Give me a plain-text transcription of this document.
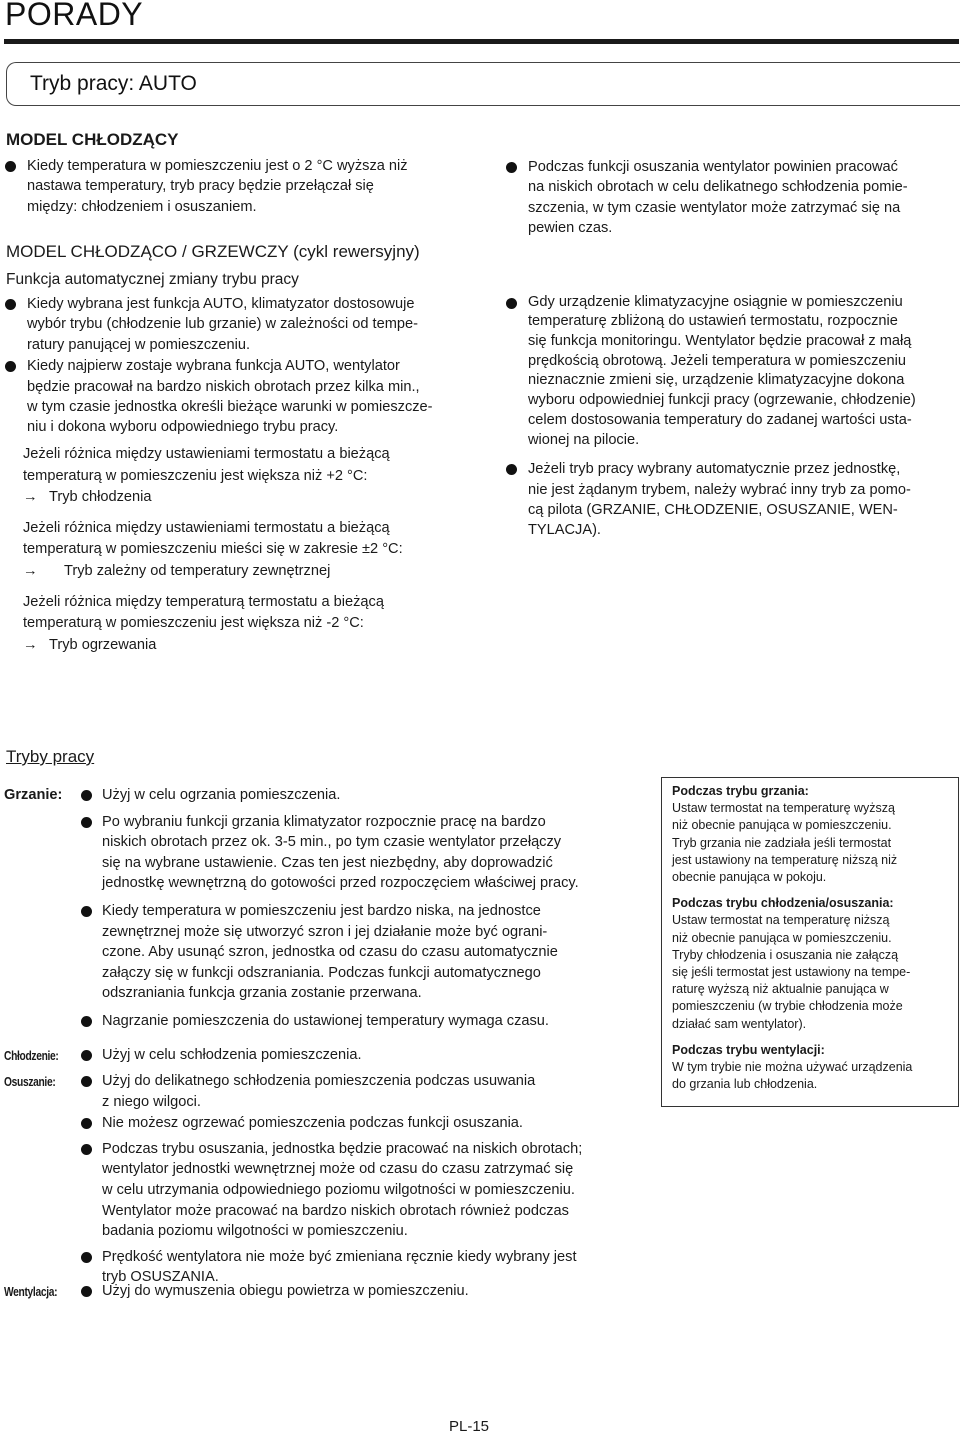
PORADY
Tryb pracy: AUTO
MODEL CHŁODZĄCY
Kiedy temperatura w pomieszczeniu jest o 2 °C wyższa niż
nastawa temperatury, tryb pracy będzie przełączał się
między: chłodzeniem i osuszaniem.
MODEL CHŁODZĄCO / GRZEWCZY (cykl rewersyjny)
Funkcja automatycznej zmiany trybu pracy
Kiedy wybrana jest funkcja AUTO, klimatyzator dostosowuje
wybór trybu (chłodzenie lub grzanie) w zależności od tempe-
ratury panującej w pomieszczeniu.
Kiedy najpierw zostaje wybrana funkcja AUTO, wentylator
będzie pracował na bardzo niskich obrotach przez kilka min.,
w tym czasie jednostka określi bieżące warunki w pomieszcze-
niu i dokona wyboru odpowiedniego trybu pracy.
Jeżeli różnica między ustawieniami termostatu a bieżącą
temperaturą w pomieszczeniu jest większa niż +2 °C:
→ Tryb chłodzenia
Jeżeli różnica między ustawieniami termostatu a bieżącą
temperaturą w pomieszczeniu mieści się w zakresie ±2 °C:
→	Tryb zależny od temperatury zewnętrznej
Jeżeli różnica między temperaturą termostatu a bieżącą
temperaturą w pomieszczeniu jest większa niż -2 °C:
→ Tryb ogrzewania
Podczas funkcji osuszania wentylator powinien pracować
na niskich obrotach w celu delikatnego schłodzenia pomie-
szczenia, w tym czasie wentylator może zatrzymać się na
pewien czas.
Gdy urządzenie klimatyzacyjne osiągnie w pomieszczeniu
temperaturę zbliżoną do ustawień termostatu, rozpocznie
się funkcja monitoringu. Wentylator będzie pracował z małą
prędkością obrotową. Jeżeli temperatura w pomieszczeniu
nieznacznie zmieni się, urządzenie klimatyzacyjne dokona
wyboru odpowiedniej funkcji pracy (ogrzewanie, chłodzenie)
celem dostosowania temperatury do zadanej wartości usta-
wionej na pilocie.
Jeżeli tryb pracy wybrany automatycznie przez jednostkę,
nie jest żądanym trybem, należy wybrać inny tryb za pomo-
cą pilota (GRZANIE, CHŁODZENIE, OSUSZANIE, WEN-
TYLACJA).
Tryby pracy
Grzanie:	Użyj w celu ogrzania pomieszczenia.
Po wybraniu funkcji grzania klimatyzator rozpocznie pracę na bardzo
niskich obrotach przez ok. 3-5 min., po tym czasie wentylator przełączy
się na wybrane ustawienie. Czas ten jest niezbędny, aby doprowadzić
jednostkę wewnętrzną do gotowości przed rozpoczęciem właściwej pracy.
Kiedy temperatura w pomieszczeniu jest bardzo niska, na jednostce
zewnętrznej może się utworzyć szron i jej działanie może być ograni-
czone. Aby usunąć szron, jednostka od czasu do czasu automatycznie
załączy się w funkcji odszraniania. Podczas funkcji automatycznego
odszraniania funkcja grzania zostanie przerwana.
Nagrzanie pomieszczenia do ustawionej temperatury wymaga czasu.
Chłodzenie:	Użyj w celu schłodzenia pomieszczenia.
Osuszanie:	Użyj do delikatnego schłodzenia pomieszczenia podczas usuwania
z niego wilgoci.
Nie możesz ogrzewać pomieszczenia podczas funkcji osuszania.
Podczas trybu osuszania, jednostka będzie pracować na niskich obrotach;
wentylator jednostki wewnętrznej może od czasu do czasu zatrzymać się
w celu utrzymania odpowiedniego poziomu wilgotności w pomieszczeniu.
Wentylator może pracować na bardzo niskich obrotach również podczas
badania poziomu wilgotności w pomieszczeniu.
Prędkość wentylatora nie może być zmieniana ręcznie kiedy wybrany jest
tryb OSUSZANIA.
Wentylacja:	Użyj do wymuszenia obiegu powietrza w pomieszczeniu.
Podczas trybu grzania:
Ustaw termostat na temperaturę wyższą
niż obecnie panująca w pomieszczeniu.
Tryb grzania nie zadziała jeśli termostat
jest ustawiony na temperaturę niższą niż
obecnie panująca w pokoju.
Podczas trybu chłodzenia/osuszania:
Ustaw termostat na temperaturę niższą
niż obecnie panująca w pomieszczeniu.
Tryby chłodzenia i osuszania nie załączą
się jeśli termostat jest ustawiony na tempe-
raturę wyższą niż aktualnie panująca w
pomieszczeniu (w trybie chłodzenia może
działać sam wentylator).
Podczas trybu wentylacji:
W tym trybie nie można używać urządzenia
do grzania lub chłodzenia.
PL-15
